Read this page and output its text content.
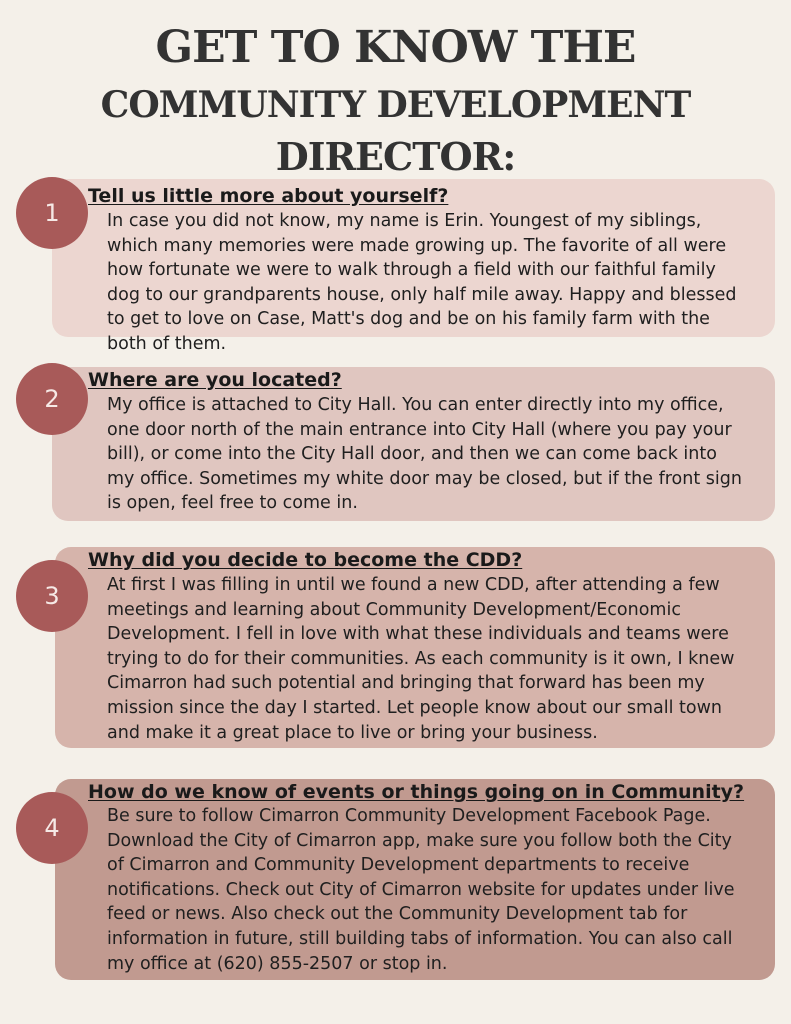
GET TO KNOW THE
COMMUNITY DEVELOPMENT
DIRECTOR:
1

Tell us little more about yourself?

In case you did not know, my name is Erin. Youngest of my siblings, which many memories were made growing up. The favorite of all were how fortunate we were to walk through a field with our faithful family dog to our grandparents house, only half mile away. Happy and blessed to get to love on Case, Matt's dog and be on his family farm with the both of them.

2

Where are you located?

My office is attached to City Hall. You can enter directly into my office, one door north of the main entrance into City Hall (where you pay your bill), or come into the City Hall door, and then we can come back into my office. Sometimes my white door may be closed, but if the front sign is open, feel free to come in.

3

Why did you decide to become the CDD?

At first I was filling in until we found a new CDD, after attending a few meetings and learning about Community Development/Economic Development. I fell in love with what these individuals and teams were trying to do for their communities. As each community is it own, I knew Cimarron had such potential and bringing that forward has been my mission since the day I started. Let people know about our small town and make it a great place to live or bring your business.

4

How do we know of events or things going on in Community?

Be sure to follow Cimarron Community Development Facebook Page. Download the City of Cimarron app, make sure you follow both the City of Cimarron and Community Development departments to receive notifications. Check out City of Cimarron website for updates under live feed or news. Also check out the Community Development tab for information in future, still building tabs of information. You can also call my office at (620) 855-2507 or stop in.
